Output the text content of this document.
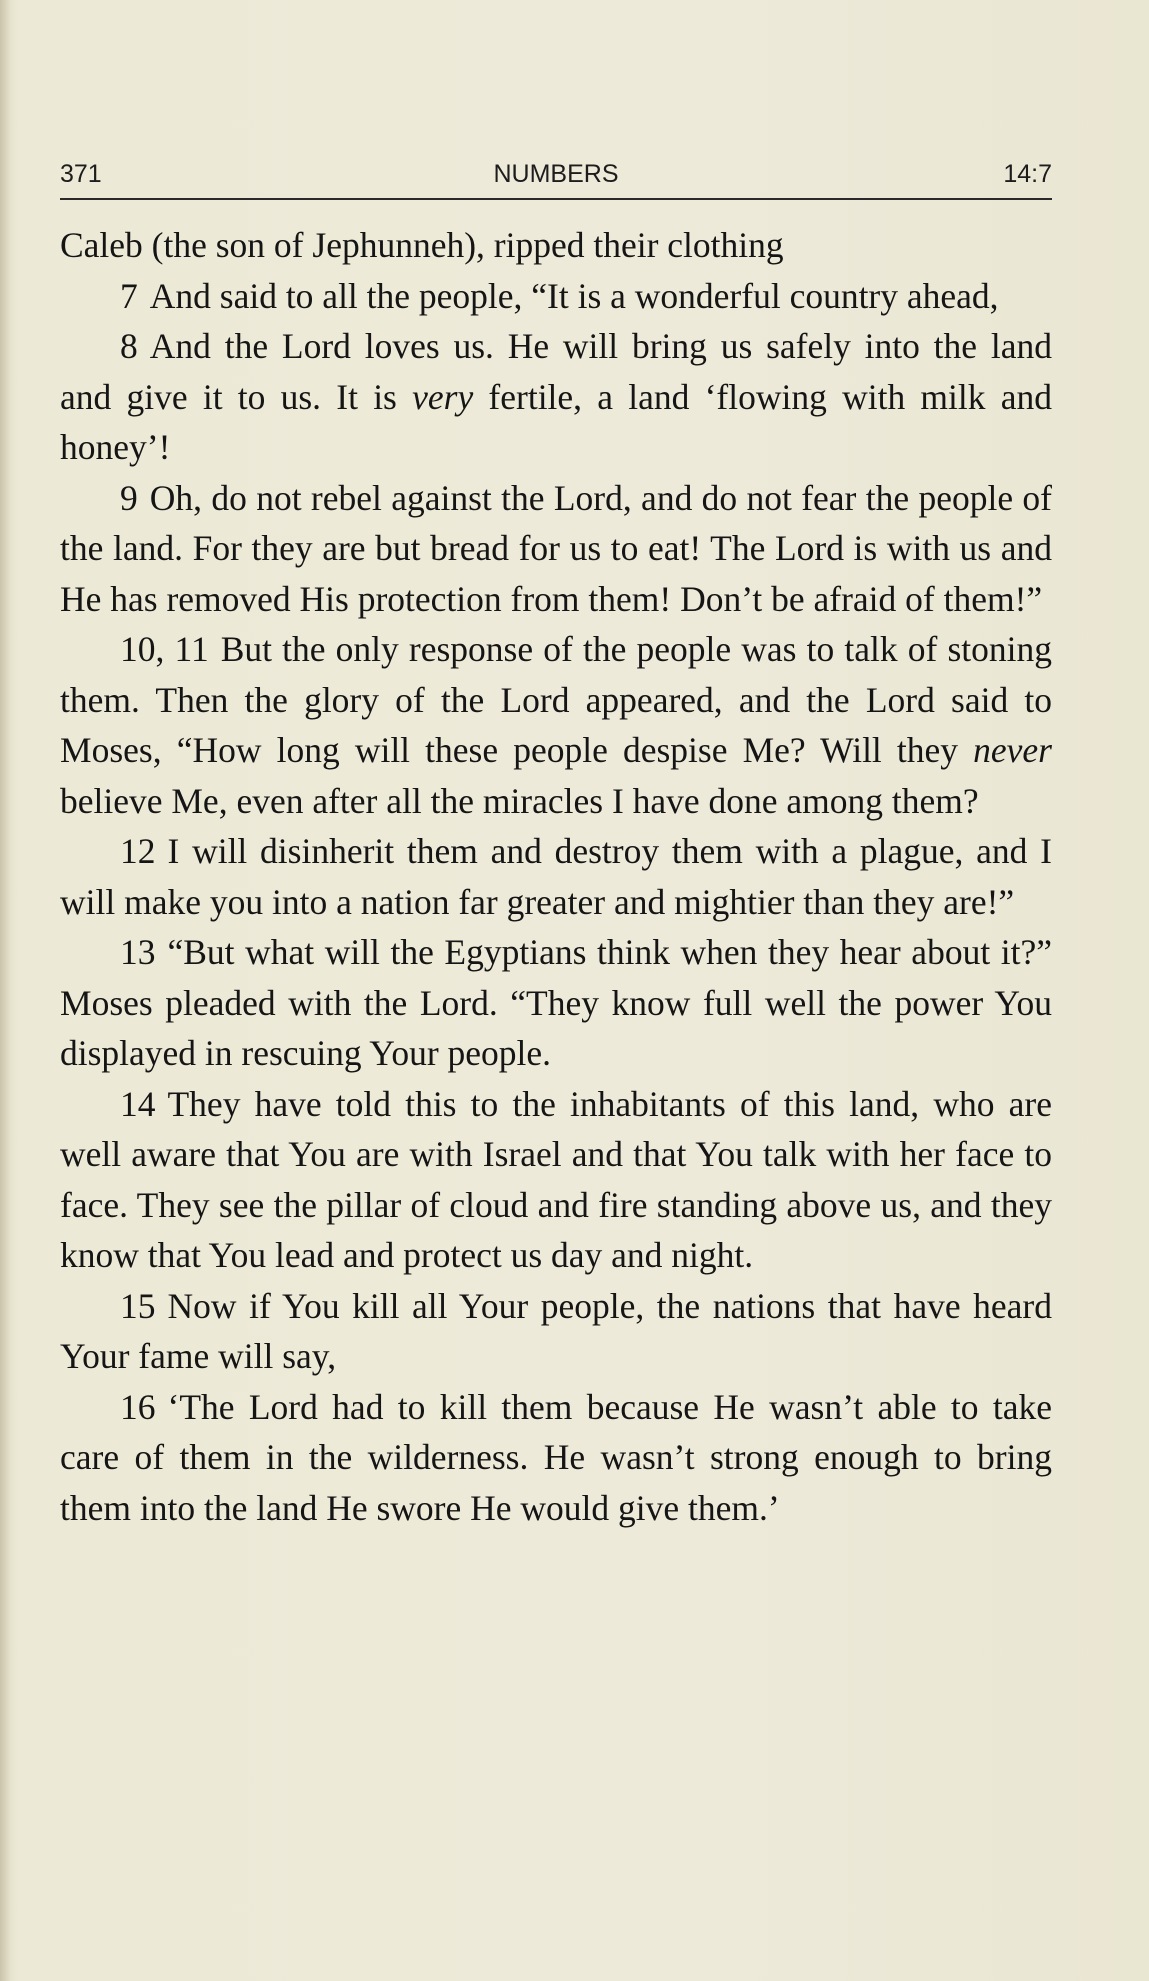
NUMBERS
371	14:7

Caleb (the son of Jephunneh), ripped their clothing

7 And said to all the people, “It is a wonderful country ahead,

8 And the Lord loves us. He will bring us safely into the land and give it to us. It is very fertile, a land ‘flowing with milk and honey’!

9 Oh, do not rebel against the Lord, and do not fear the people of the land. For they are but bread for us to eat! The Lord is with us and He has removed His protection from them! Don’t be afraid of them!”

10, 11 But the only response of the people was to talk of stoning them. Then the glory of the Lord appeared, and the Lord said to Moses, “How long will these people despise Me? Will they never believe Me, even after all the miracles I have done among them?

12 I will disinherit them and destroy them with a plague, and I will make you into a nation far greater and mightier than they are!”

13 “But what will the Egyptians think when they hear about it?” Moses pleaded with the Lord. “They know full well the power You displayed in rescuing Your people.

14 They have told this to the inhabitants of this land, who are well aware that You are with Israel and that You talk with her face to face. They see the pillar of cloud and fire standing above us, and they know that You lead and protect us day and night.

15 Now if You kill all Your people, the nations that have heard Your fame will say,

16 ‘The Lord had to kill them because He wasn’t able to take care of them in the wilderness. He wasn’t strong enough to bring them into the land He swore He would give them.’
